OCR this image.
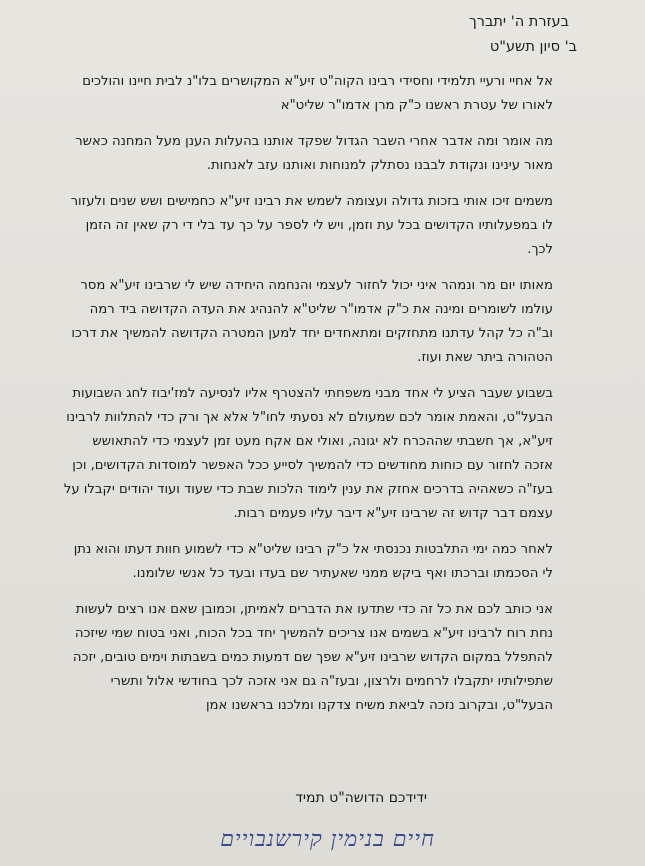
בעזרת ה' יתברך
ב' סיון תשע"ט

אל אחיי ורעיי תלמידי וחסידי רבינו הקוה"ט זיע"א המקושרים בלו"נ לבית חיינו והולכים לאורו של עטרת ראשנו כ"ק מרן אדמו"ר שליט"א

מה אומר ומה אדבר אחרי השבר הגדול שפקד אותנו בהעלות הענן מעל המחנה כאשר מאור עינינו ונקודת לבבנו נסתלק למנוחות ואותנו עזב לאנחות.

משמים זיכו אותי בזכות גדולה ועצומה לשמש את רבינו זיע"א כחמישים ושש שנים ולעזור לו במפעלותיו הקדושים בכל עת וזמן, ויש לי לספר על כך עד בלי די רק שאין זה הזמן לכך.

מאותו יום מר ונמהר איני יכול לחזור לעצמי והנחמה היחידה שיש לי שרבינו זיע"א מסר עולמו לשומרים ומינה את כ"ק אדמו"ר שליט"א להנהיג את העדה הקדושה ביד רמה וב"ה כל קהל עדתנו מתחזקים ומתאחדים יחד למען המטרה הקדושה להמשיך את דרכו הטהורה ביתר שאת ועוז.

בשבוע שעבר הציע לי אחד מבני משפחתי להצטרף אליו לנסיעה למז'יבוז לחג השבועות הבעל"ט, והאמת אומר לכם שמעולם לא נסעתי לחו"ל אלא אך ורק כדי להתלוות לרבינו זיע"א, אך חשבתי שההכרח לא יגונה, ואולי אם אקח מעט זמן לעצמי כדי להתאושש אזכה לחזור עם כוחות מחודשים כדי להמשיך לסייע ככל האפשר למוסדות הקדושים, וכן בעז"ה כשאהיה בדרכים אחזק את ענין לימוד הלכות שבת כדי שעוד ועוד יהודים יקבלו על עצמם דבר קדוש זה שרבינו זיע"א דיבר עליו פעמים רבות.

לאחר כמה ימי התלבטות נכנסתי אל כ"ק רבינו שליט"א כדי לשמוע חוות דעתו והוא נתן לי הסכמתו וברכתו ואף ביקש ממני שאעתיר שם בעדו ובעד כל אנשי שלומנו.

אני כותב לכם את כל זה כדי שתדעו את הדברים לאמיתן, וכמובן שאם אנו רצים לעשות נחת רוח לרבינו זיע"א בשמים אנו צריכים להמשיך יחד בכל הכוח, ואני בטוח שמי שיזכה להתפלל במקום הקדוש שרבינו זיע"א שפך שם דמעות כמים בשבתות וימים טובים, יזכה שתפילותיו יתקבלו לרחמים ולרצון, ובעז"ה גם אני אזכה לכך בחודשי אלול ותשרי הבעל"ט, ובקרוב נזכה לביאת משיח צדקנו ומלכנו בראשנו אמן

ידידכם הדושה"ט תמיד
חיים בנימין קירשנבויים
